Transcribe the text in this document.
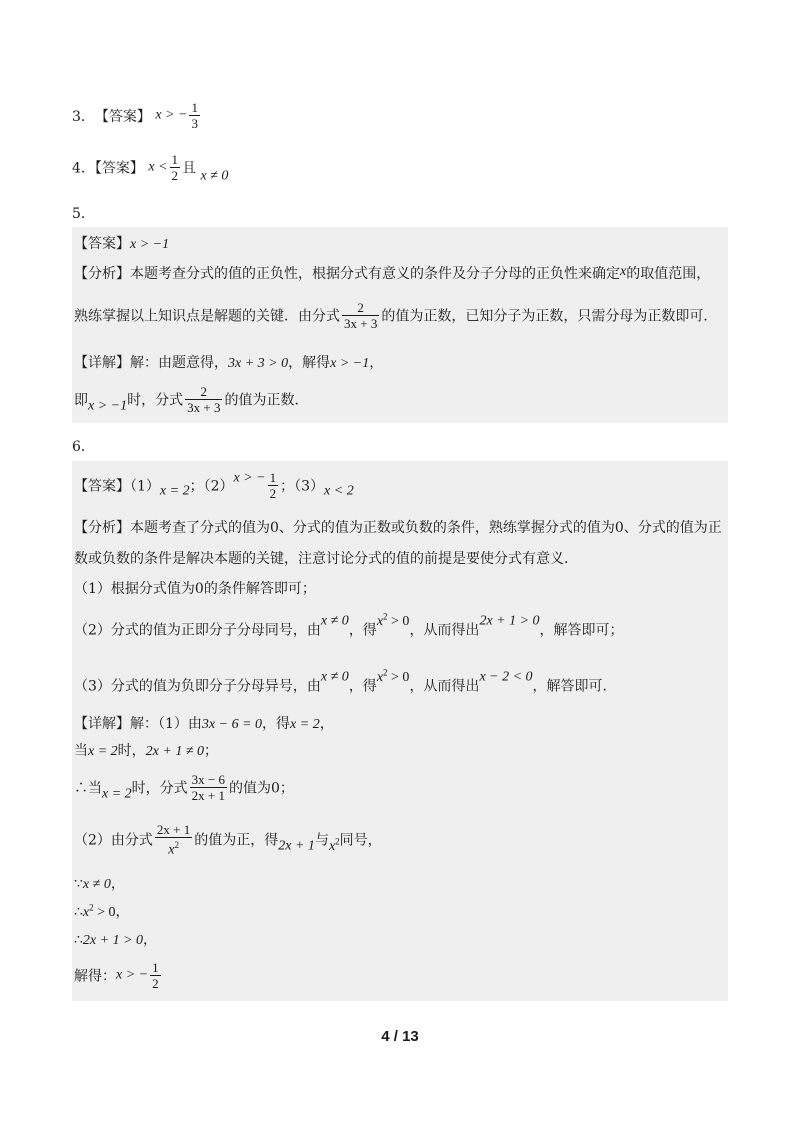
3．【答案】 x > − $\frac{1}{3}$
4．【答案】 $x < \frac{1}{2}$ 且 x ≠ 0
5．
【答案】x > −1
【分析】本题考查分式的值的正负性，根据分式有意义的条件及分子分母的正负性来确定x的取值范围，
熟练掌握以上知识点是解题的关键．由分式 $\frac{2}{3x + 3}$ 的值为正数，已知分子为正数，只需分母为正数即可．
【详解】解：由题意得，3x + 3 > 0，解得x > −1，
即x > −1时，分式 $\frac{2}{3x + 3}$ 的值为正数．
6．
【答案】（1）x = 2；（2）x > − $\frac{1}{2}$ ；（3）x < 2
【分析】本题考查了分式的值为0、分式的值为正数或负数的条件，熟练掌握分式的值为0、分式的值为正
数或负数的条件是解决本题的关键，注意讨论分式的值的前提是要使分式有意义．
（1）根据分式值为0的条件解答即可；
（2）分式的值为正即分子分母同号，由x ≠ 0，得$x^2 > 0$，从而得出2x + 1 > 0，解答即可；
（3）分式的值为负即分子分母异号，由x ≠ 0，得$x^2 > 0$，从而得出x − 2 < 0，解答即可．
【详解】解：（1）由3x − 6 = 0，得x = 2，
当x = 2时，2x + 1 ≠ 0；
∴当x = 2时，分式 $\frac{3x - 6}{2x + 1}$ 的值为0；
（2）由分式 $\frac{2x + 1}{x^2}$ 的值为正，得2x + 1与$x^2$同号，
∵x ≠ 0，
$\therefore x^2 > 0$，
∴2x + 1 > 0，
解得：x > − $\frac{1}{2}$
4 / 13
